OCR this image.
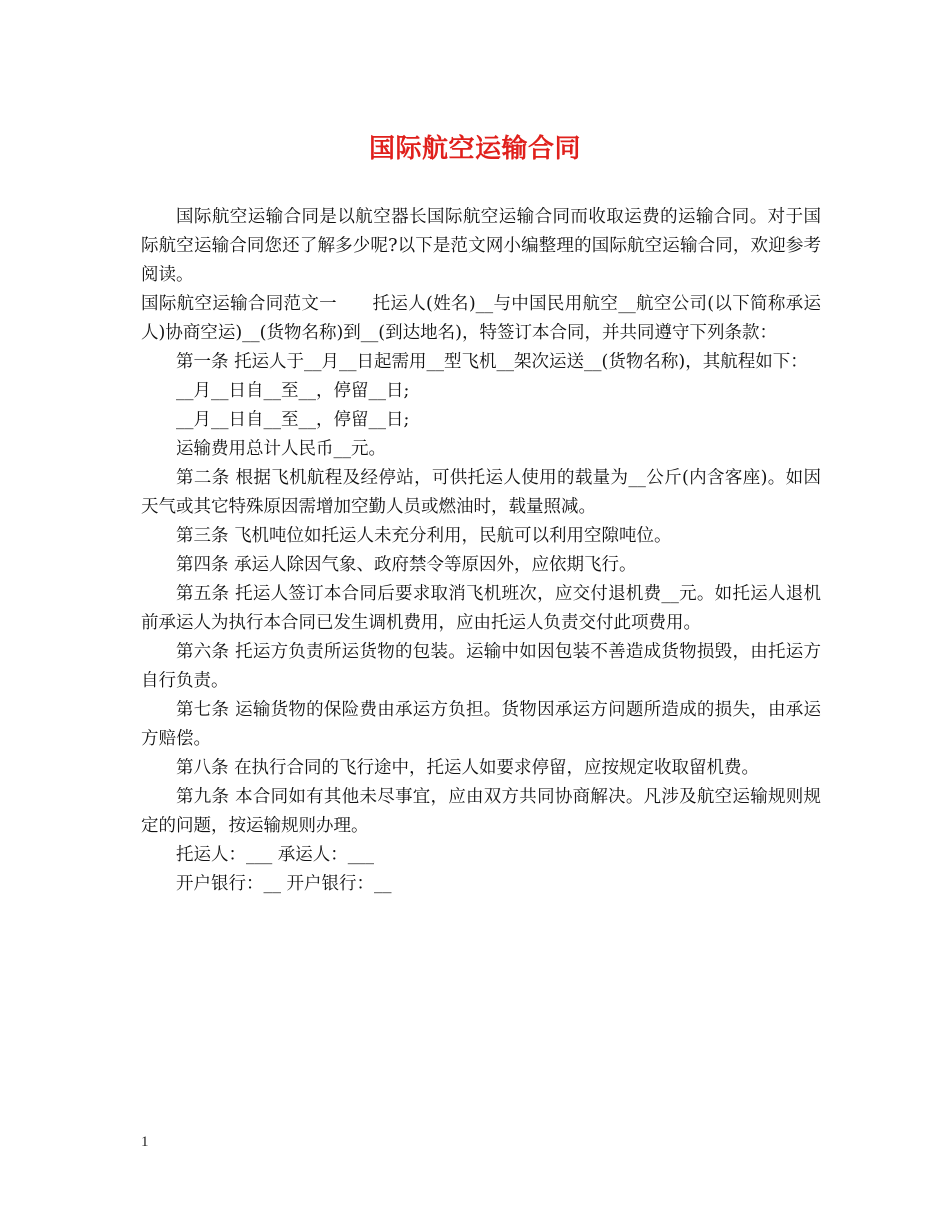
国际航空运输合同

国际航空运输合同是以航空器长国际航空运输合同而收取运费的运输合同。对于国际航空运输合同您还了解多少呢?以下是范文网小编整理的国际航空运输合同，欢迎参考阅读。

国际航空运输合同范文一　　托运人(姓名)__与中国民用航空__航空公司(以下简称承运人)协商空运)__(货物名称)到__(到达地名)，特签订本合同，并共同遵守下列条款：

第一条 托运人于__月__日起需用__型飞机__架次运送__(货物名称)，其航程如下：

__月__日自__至__，停留__日;

__月__日自__至__，停留__日;

运输费用总计人民币__元。

第二条 根据飞机航程及经停站，可供托运人使用的载量为__公斤(内含客座)。如因天气或其它特殊原因需增加空勤人员或燃油时，载量照减。

第三条 飞机吨位如托运人未充分利用，民航可以利用空隙吨位。

第四条 承运人除因气象、政府禁令等原因外，应依期飞行。

第五条 托运人签订本合同后要求取消飞机班次，应交付退机费__元。如托运人退机前承运人为执行本合同已发生调机费用，应由托运人负责交付此项费用。

第六条 托运方负责所运货物的包装。运输中如因包装不善造成货物损毁，由托运方自行负责。

第七条 运输货物的保险费由承运方负担。货物因承运方问题所造成的损失，由承运方赔偿。

第八条 在执行合同的飞行途中，托运人如要求停留，应按规定收取留机费。

第九条 本合同如有其他未尽事宜，应由双方共同协商解决。凡涉及航空运输规则规定的问题，按运输规则办理。

托运人：___ 承运人：___

开户银行：__ 开户银行：__

1
